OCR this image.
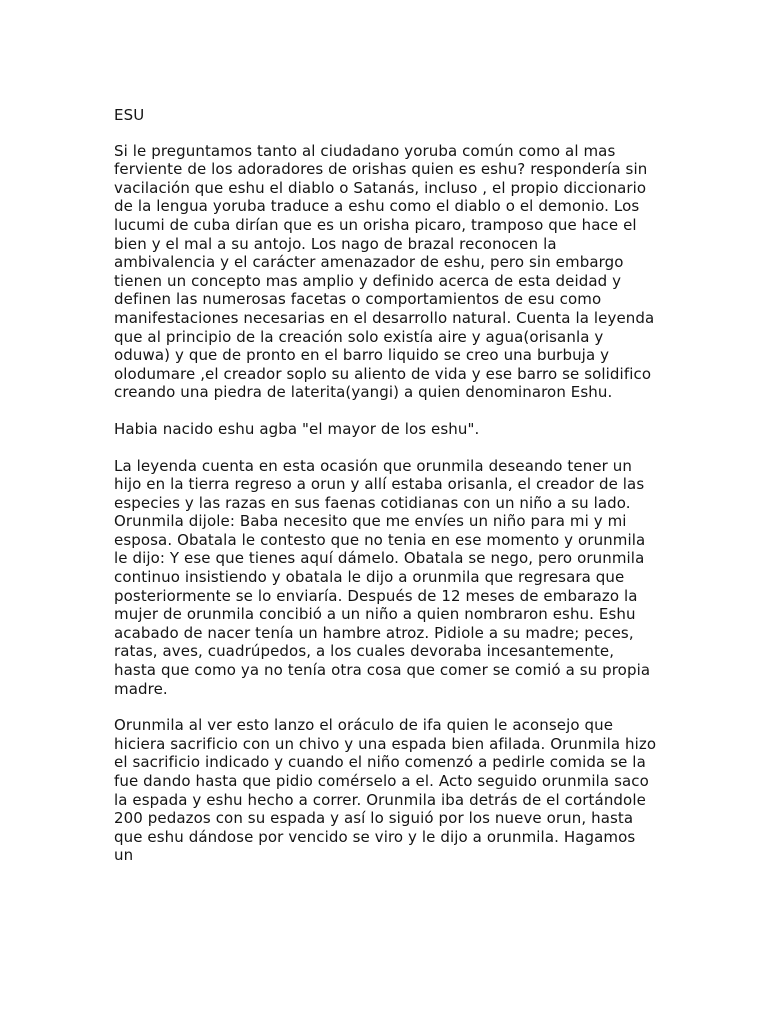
ESU

Si le preguntamos tanto al ciudadano yoruba común como al mas ferviente de los adoradores de orishas quien es eshu? respondería sin vacilación que eshu el diablo o Satanás, incluso , el propio diccionario de la lengua yoruba traduce a eshu como el diablo o el demonio. Los lucumi de cuba dirían que es un orisha picaro, tramposo que hace el bien y el mal a su antojo. Los nago de brazal reconocen la ambivalencia y el carácter amenazador de eshu, pero sin embargo tienen un concepto mas amplio y definido acerca de esta deidad y definen las numerosas facetas o comportamientos de esu como manifestaciones necesarias en el desarrollo natural. Cuenta la leyenda que al principio de la creación solo existía aire y agua(orisanla y oduwa) y que de pronto en el barro liquido se creo una burbuja y olodumare ,el creador soplo su aliento de vida y ese barro se solidifico creando una piedra de laterita(yangi) a quien denominaron Eshu.

Habia nacido eshu agba "el mayor de los eshu".

La leyenda cuenta en esta ocasión que orunmila deseando tener un hijo en la tierra regreso a orun y allí estaba orisanla, el creador de las especies y las razas en sus faenas cotidianas con un niño a su lado. Orunmila dijole: Baba necesito que me envíes un niño para mi y mi esposa. Obatala le contesto que no tenia en ese momento y orunmila le dijo: Y ese que tienes aquí dámelo. Obatala se nego, pero orunmila continuo insistiendo y obatala le dijo a orunmila que regresara que posteriormente se lo enviaría. Después de 12 meses de embarazo la mujer de orunmila concibió a un niño a quien nombraron eshu. Eshu acabado de nacer tenía un hambre atroz. Pidiole a su madre; peces, ratas, aves, cuadrúpedos, a los cuales devoraba incesantemente, hasta que como ya no tenía otra cosa que comer se comió a su propia madre.

Orunmila al ver esto lanzo el oráculo de ifa quien le aconsejo que hiciera sacrificio con un chivo y una espada bien afilada. Orunmila hizo el sacrificio indicado y cuando el niño comenzó a pedirle comida se la fue dando hasta que pidio comérselo a el. Acto seguido orunmila saco la espada y eshu hecho a correr. Orunmila iba detrás de el cortándole 200 pedazos con su espada y así lo siguió por los nueve orun, hasta que eshu dándose por vencido se viro y le dijo a orunmila. Hagamos un
